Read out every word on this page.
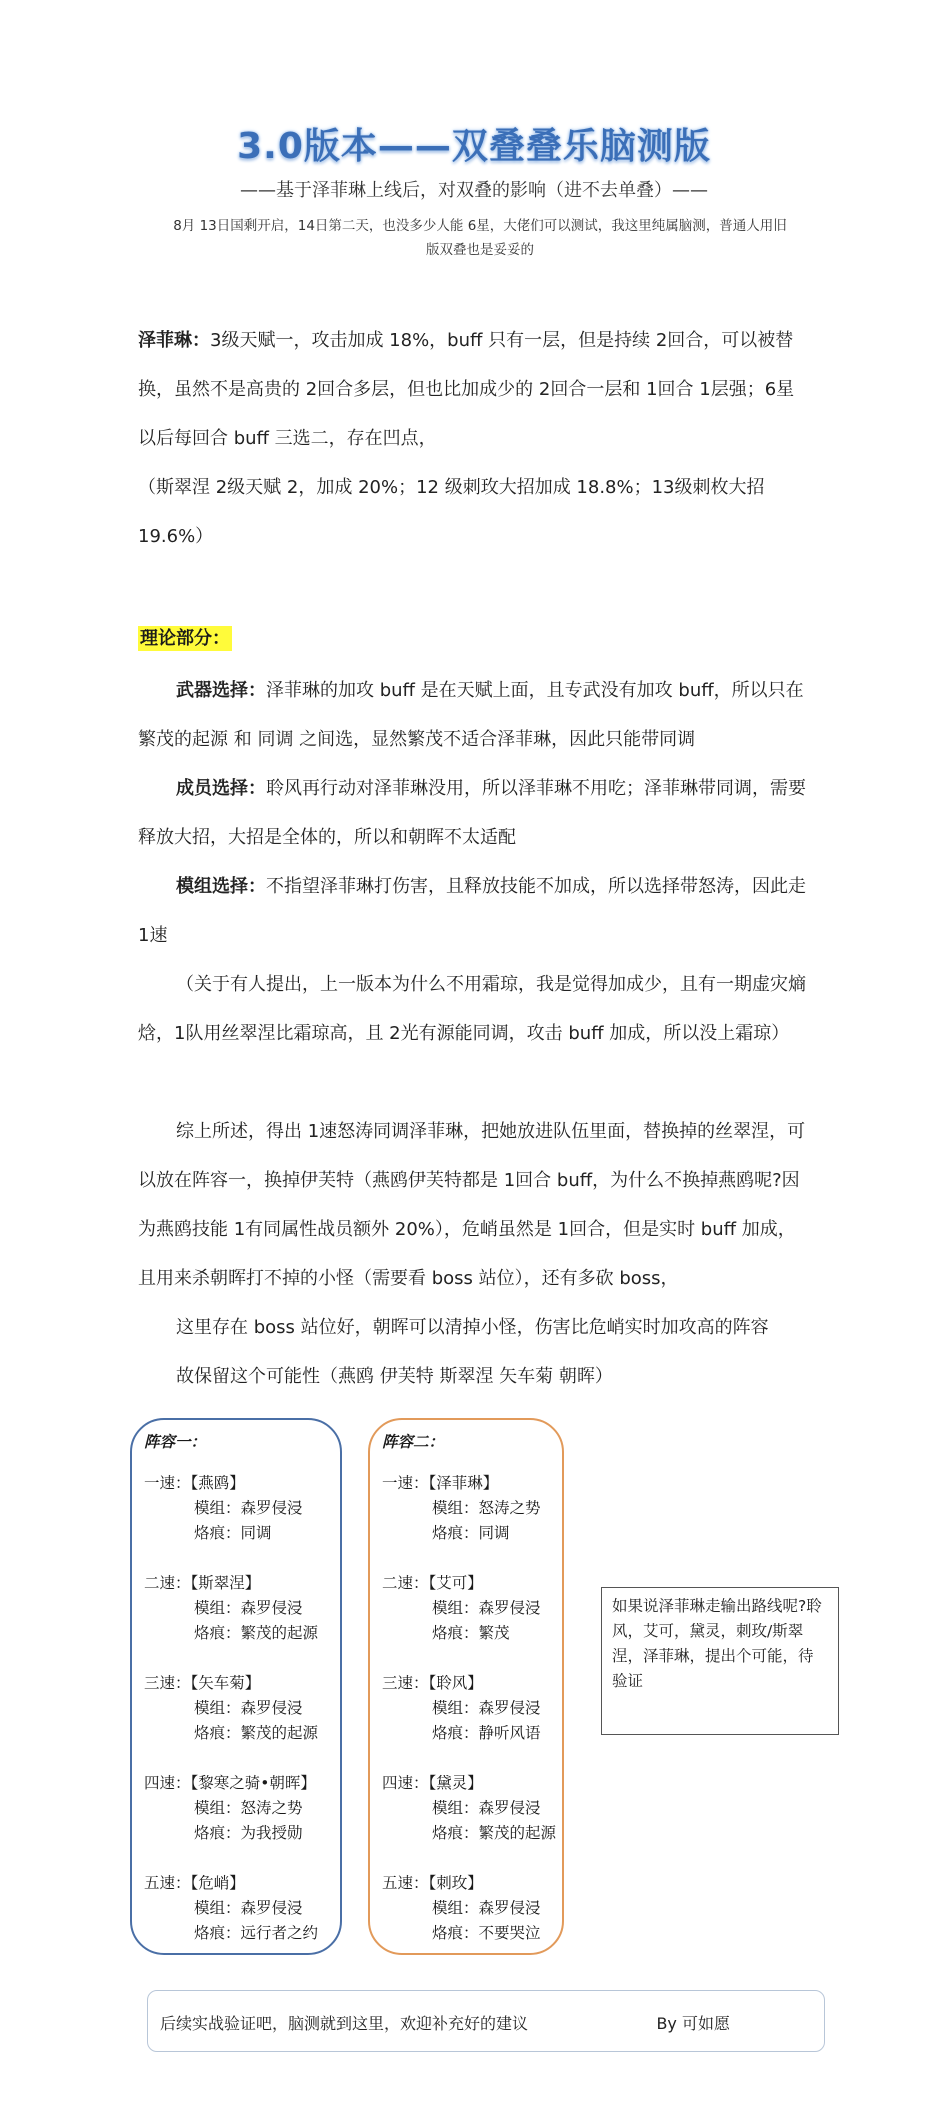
3.0版本——双叠叠乐脑测版
——基于泽菲琳上线后，对双叠的影响（进不去单叠）——
8月 13日国剩开启，14日第二天，也没多少人能 6星，大佬们可以测试，我这里纯属脑测，普通人用旧版双叠也是妥妥的
泽菲琳：3级天赋一，攻击加成 18%，buff 只有一层，但是持续 2回合，可以被替换，虽然不是高贵的 2回合多层，但也比加成少的 2回合一层和 1回合 1层强；6星以后每回合 buff 三选二，存在凹点，
（斯翠涅 2级天赋 2，加成 20%；12 级刺玫大招加成 18.8%；13级刺枚大招 19.6%）
理论部分：
武器选择：泽菲琳的加攻 buff 是在天赋上面，且专武没有加攻 buff，所以只在 繁茂的起源 和 同调 之间选，显然繁茂不适合泽菲琳，因此只能带同调
成员选择：聆风再行动对泽菲琳没用，所以泽菲琳不用吃；泽菲琳带同调，需要释放大招，大招是全体的，所以和朝晖不太适配
模组选择：不指望泽菲琳打伤害，且释放技能不加成，所以选择带怒涛，因此走 1速
（关于有人提出，上一版本为什么不用霜琼，我是觉得加成少，且有一期虚灾熵焓，1队用丝翠涅比霜琼高，且 2光有源能同调，攻击 buff 加成，所以没上霜琼）
综上所述，得出 1速怒涛同调泽菲琳，把她放进队伍里面，替换掉的丝翠涅，可以放在阵容一，换掉伊芙特（燕鸥伊芙特都是 1回合 buff，为什么不换掉燕鸥呢?因为燕鸥技能 1有同属性战员额外 20%），危峭虽然是 1回合，但是实时 buff 加成，且用来杀朝晖打不掉的小怪（需要看 boss 站位），还有多砍 boss，
这里存在 boss 站位好，朝晖可以清掉小怪，伤害比危峭实时加攻高的阵容
故保留这个可能性（燕鸥 伊芙特 斯翠涅 矢车菊 朝晖）
阵容一：
一速：【燕鸥】
模组：森罗侵浸
烙痕：同调
二速：【斯翠涅】
模组：森罗侵浸
烙痕：繁茂的起源
三速：【矢车菊】
模组：森罗侵浸
烙痕：繁茂的起源
四速：【黎寒之骑•朝晖】
模组：怒涛之势
烙痕：为我授勋
五速：【危峭】
模组：森罗侵浸
烙痕：远行者之约
阵容二：
一速：【泽菲琳】
模组：怒涛之势
烙痕：同调
二速：【艾可】
模组：森罗侵浸
烙痕：繁茂
三速：【聆风】
模组：森罗侵浸
烙痕：静听风语
四速：【黛灵】
模组：森罗侵浸
烙痕：繁茂的起源
五速：【刺玫】
模组：森罗侵浸
烙痕：不要哭泣
如果说泽菲琳走输出路线呢?聆风，艾可，黛灵，刺玫/斯翠涅，泽菲琳，提出个可能，待验证
后续实战验证吧，脑测就到这里，欢迎补充好的建议	By 可如愿
